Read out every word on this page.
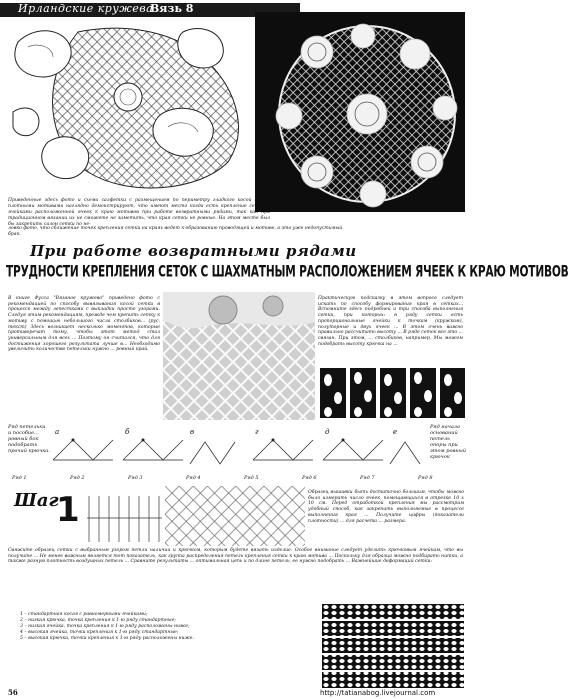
Ирландские кружева
Вязь 8
Приведенные здесь фото и схема салфетки с размещением по периметру гладкого косой сетки плотными мотивами наглядно демонстрируют, что имеют место когда есть крепление сетки с ячейками расположенной ячеек к краю мотивов при работе возвратными рядами, так как при традиционном вязании их не сможете не заметить, что края сетки не ровные. На этом месте был бы закрепить салон сетки по не-
ловко фото, что сближение точек крепления сетки на краях ведет к образованию проводящей и мотиве, а это уже недопустимый брак.
При работе возвратными рядами
ТРУДНОСТИ КРЕПЛЕНИЯ СЕТОК С ШАХМАТНЫМ РАСПОЛОЖЕНИЕМ ЯЧЕЕК К КРАЮ МОТИВОВ
В книге Фусса "Вязаное кружево" приведено фото с рекомендацией по способу вывязывания косой сетки в процессе между лепестками с выкладки просто узорами. Следуя этим рекомендациям, прежде чем крепить сетку к мотиву с помощью небольшого числа столбиков... (рус. текст) Здесь возникает несколько моментов, которые противоречат тому, чтобы этот метод стал универсальным для всех ... Поэтому он считался, что для достижения хорошего результата лучше в... Необходимо увеличить количество петельки нужно ... ровный край.
Практическую подсказку в этом вопросе следует искать по способу формирования края в сетках... Вспомните здесь подробней и три способа выполнения сетки, при которых: в ряду сетки есть пропорциональные ячейки к точкам (кружкам), полуторные и двух ячеек ... В этом очень важно правильно рассчитать высоту ... В ряде сеток все это ... связан. При этом, ... столбиков, например, Мы можем подобрать высоту крючка на ...
a	б	в	г	д	е
Ряд петельки и пособие... ровный бок подобрать прочий крючка.
Ряд начала оснований петель опоры при этом ровный крючок
Ряд 1	Ряд 2	Ряд 3	Ряд 4	Ряд 5	Ряд 6	Ряд 7	Ряд 8
Шаг
1	Образец вышивки быть достаточно большим, чтобы можно было измерить число ячеек, помещающихся в отрезке 10 х 10 см. Перед отработкой крепления мы рассмотрим удобный способ, как закрепить выполняемые в процессе выполнения края ... Получите цифры (показатели плотности) ... для расчета ... размера.
Свяжите образец сетки с выбранным узором петли наличии и крючком, которым будете вязать изделие. Особое внимание следует уделить крючковым ячейкам, что вы получите ... Не менее важным является тот показатель, как группа распределения петель крепления сетки к краю мотива ... Поскольку для образца можно подбирать нитки, а также разную плотность воздушных петель ... Сравните результаты ... оптимальная цепь и по длине петель, ее нужно подобрать ... Важнейшие деформаций сетки:
1 – стандартная косая с равномерными ячейками;
2 – низкая крючка, точка крепления к 1-ю ряду стандартные;
3 – низкая ячейка, точка крепления к 1-ю ряду расположены ниже;
4 – высокая ячейка, точки крепления к 1-ю ряду стандартные;
5 – высокая крючка, точки крепления к 1-ю ряду расположены ниже.
56	http://tatianabog.livejournal.com
